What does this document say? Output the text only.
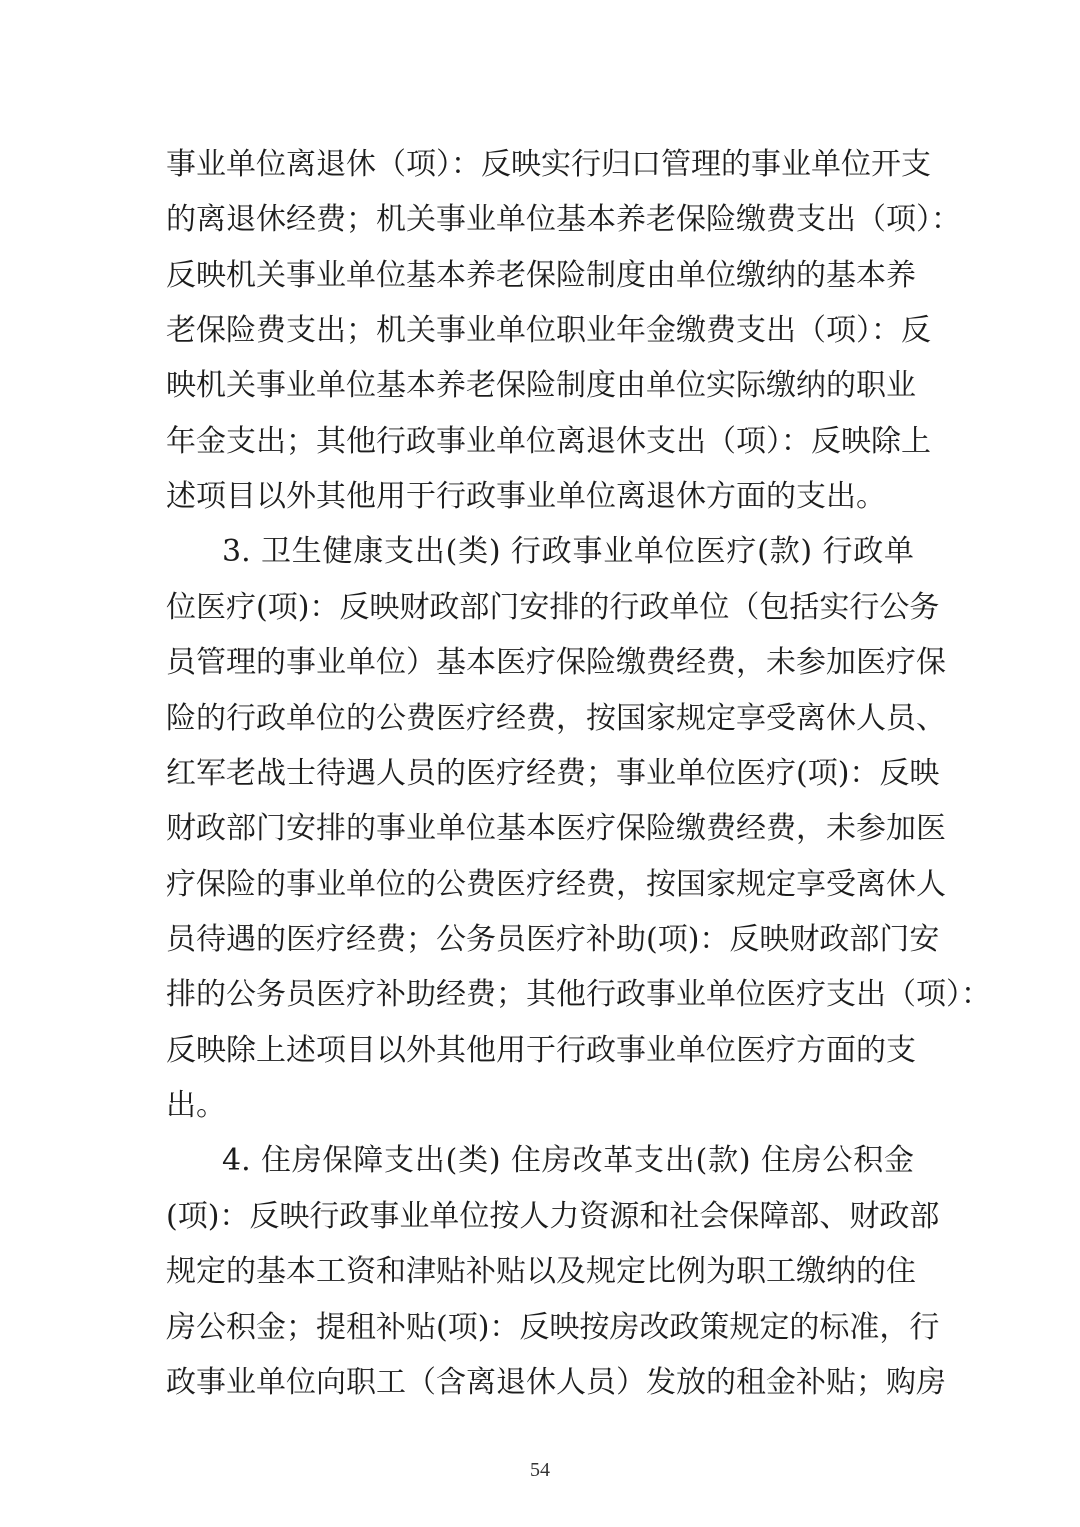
事业单位离退休（项）：反映实行归口管理的事业单位开支
的离退休经费；机关事业单位基本养老保险缴费支出（项）：
反映机关事业单位基本养老保险制度由单位缴纳的基本养
老保险费支出；机关事业单位职业年金缴费支出（项）：反
映机关事业单位基本养老保险制度由单位实际缴纳的职业
年金支出；其他行政事业单位离退休支出（项）：反映除上
述项目以外其他用于行政事业单位离退休方面的支出。
3. 卫生健康支出(类) 行政事业单位医疗(款) 行政单
位医疗(项)：反映财政部门安排的行政单位（包括实行公务
员管理的事业单位）基本医疗保险缴费经费，未参加医疗保
险的行政单位的公费医疗经费，按国家规定享受离休人员、
红军老战士待遇人员的医疗经费；事业单位医疗(项)：反映
财政部门安排的事业单位基本医疗保险缴费经费，未参加医
疗保险的事业单位的公费医疗经费，按国家规定享受离休人
员待遇的医疗经费；公务员医疗补助(项)：反映财政部门安
排的公务员医疗补助经费；其他行政事业单位医疗支出（项）：
反映除上述项目以外其他用于行政事业单位医疗方面的支
出。
4. 住房保障支出(类) 住房改革支出(款) 住房公积金
(项)：反映行政事业单位按人力资源和社会保障部、财政部
规定的基本工资和津贴补贴以及规定比例为职工缴纳的住
房公积金；提租补贴(项)：反映按房改政策规定的标准，行
政事业单位向职工（含离退休人员）发放的租金补贴；购房
54
